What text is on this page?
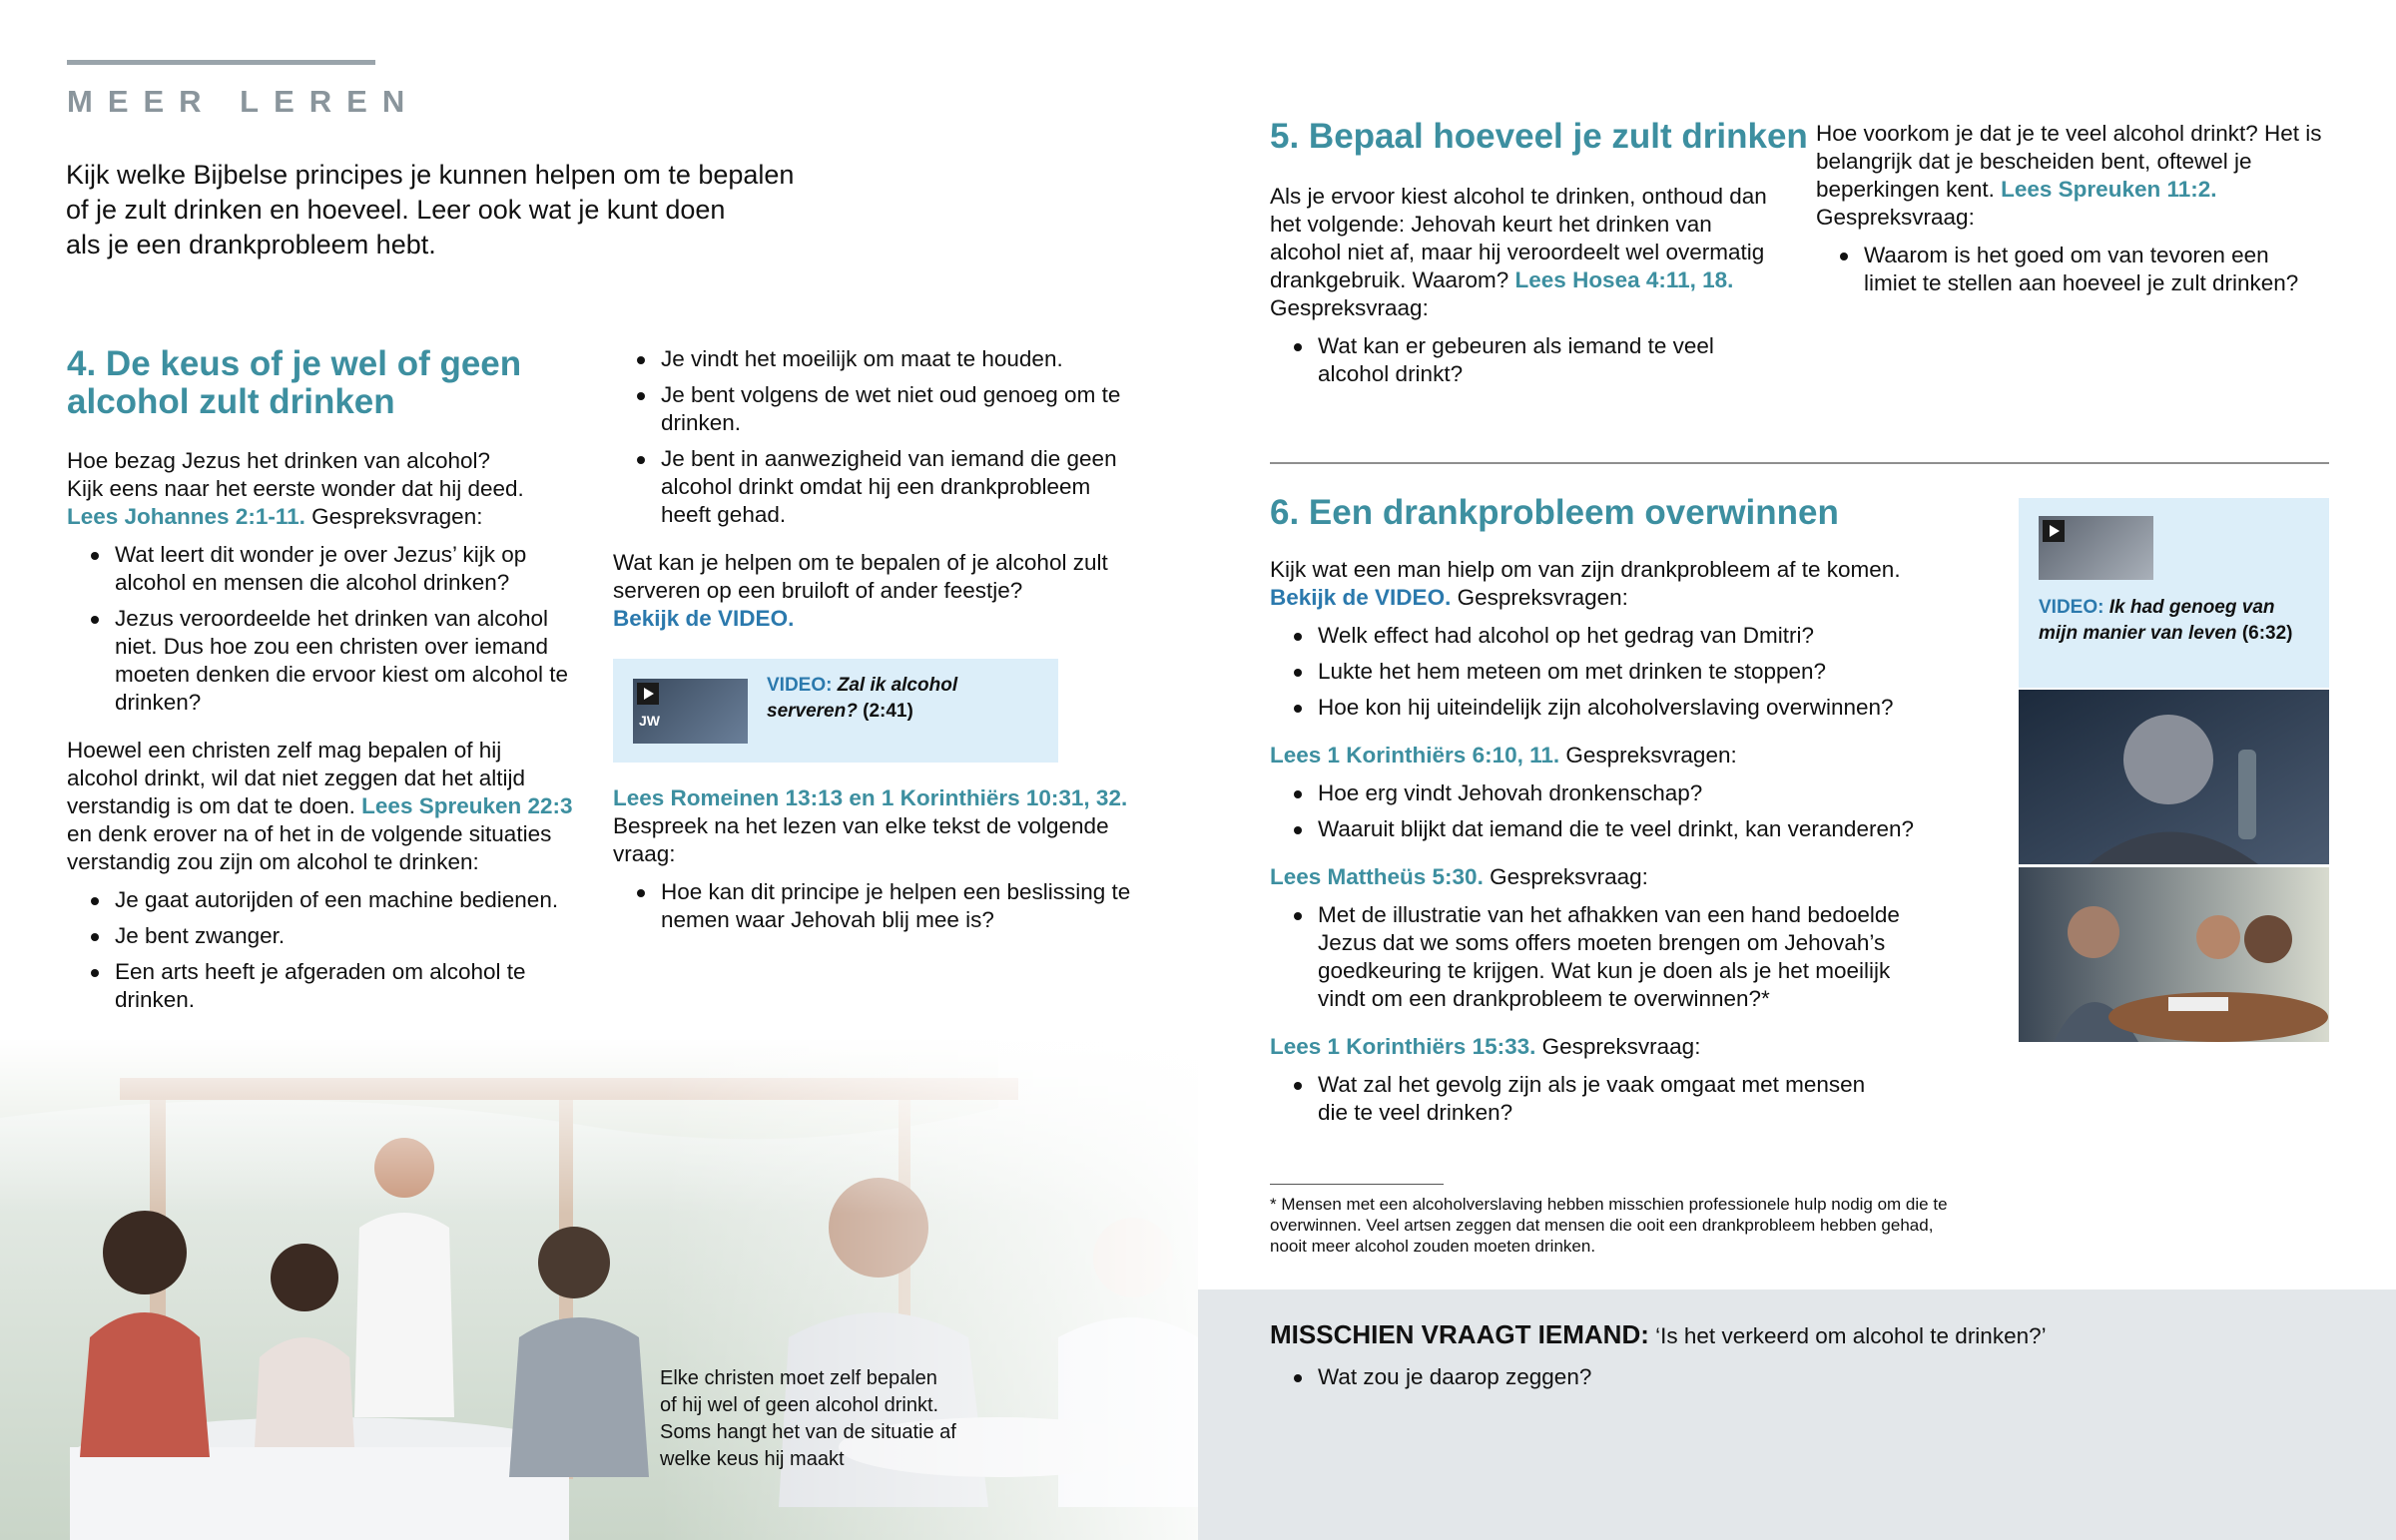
MEER LEREN
Kijk welke Bijbelse principes je kunnen helpen om te bepalen
of je zult drinken en hoeveel. Leer ook wat je kunt doen
als je een drankprobleem hebt.
4. De keus of je wel of geen
alcohol zult drinken
Hoe bezag Jezus het drinken van alcohol?
Kijk eens naar het eerste wonder dat hij deed.
Lees Johannes 2:1-11. Gespreksvragen:
Wat leert dit wonder je over Jezus’ kijk op alcohol en mensen die alcohol drinken?
Jezus veroordeelde het drinken van alcohol niet. Dus hoe zou een christen over iemand moeten denken die ervoor kiest om alcohol te drinken?
Hoewel een christen zelf mag bepalen of hij alcohol drinkt, wil dat niet zeggen dat het altijd verstandig is om dat te doen. Lees Spreuken 22:3 en denk erover na of het in de volgende situaties verstandig zou zijn om alcohol te drinken:
Je gaat autorijden of een machine bedienen.
Je bent zwanger.
Een arts heeft je afgeraden om alcohol te drinken.
Je vindt het moeilijk om maat te houden.
Je bent volgens de wet niet oud genoeg om te drinken.
Je bent in aanwezigheid van iemand die geen alcohol drinkt omdat hij een drankprobleem heeft gehad.
Wat kan je helpen om te bepalen of je alcohol zult serveren op een bruiloft of ander feestje?
Bekijk de VIDEO.
JW
VIDEO: Zal ik alcohol serveren? (2:41)
Lees Romeinen 13:13 en 1 Korinthiërs 10:31, 32.
Bespreek na het lezen van elke tekst de volgende vraag:
Hoe kan dit principe je helpen een beslissing te nemen waar Jehovah blij mee is?
Elke christen moet zelf bepalen
of hij wel of geen alcohol drinkt.
Soms hangt het van de situatie af
welke keus hij maakt
5. Bepaal hoeveel je zult drinken
Als je ervoor kiest alcohol te drinken, onthoud dan het volgende: Jehovah keurt het drinken van alcohol niet af, maar hij veroordeelt wel overmatig drankgebruik. Waarom? Lees Hosea 4:11, 18.
Gespreksvraag:
Wat kan er gebeuren als iemand te veel alcohol drinkt?
Hoe voorkom je dat je te veel alcohol drinkt? Het is belangrijk dat je bescheiden bent, oftewel je beperkingen kent. Lees Spreuken 11:2.
Gespreksvraag:
Waarom is het goed om van tevoren een limiet te stellen aan hoeveel je zult drinken?
6. Een drankprobleem overwinnen
Kijk wat een man hielp om van zijn drankprobleem af te komen.
Bekijk de VIDEO. Gespreksvragen:
Welk effect had alcohol op het gedrag van Dmitri?
Lukte het hem meteen om met drinken te stoppen?
Hoe kon hij uiteindelijk zijn alcoholverslaving overwinnen?
Lees 1 Korinthiërs 6:10, 11. Gespreksvragen:
Hoe erg vindt Jehovah dronkenschap?
Waaruit blijkt dat iemand die te veel drinkt, kan veranderen?
Lees Mattheüs 5:30. Gespreksvraag:
Met de illustratie van het afhakken van een hand bedoelde Jezus dat we soms offers moeten brengen om Jehovah’s goedkeuring te krijgen. Wat kun je doen als je het moeilijk vindt om een drankprobleem te overwinnen?*
Lees 1 Korinthiërs 15:33. Gespreksvraag:
Wat zal het gevolg zijn als je vaak omgaat met mensen die te veel drinken?
* Mensen met een alcoholverslaving hebben misschien professionele hulp nodig om die te overwinnen. Veel artsen zeggen dat mensen die ooit een drankprobleem hebben gehad, nooit meer alcohol zouden moeten drinken.
VIDEO: Ik had genoeg van mijn manier van leven (6:32)
MISSCHIEN VRAAGT IEMAND: ‘Is het verkeerd om alcohol te drinken?’
Wat zou je daarop zeggen?
